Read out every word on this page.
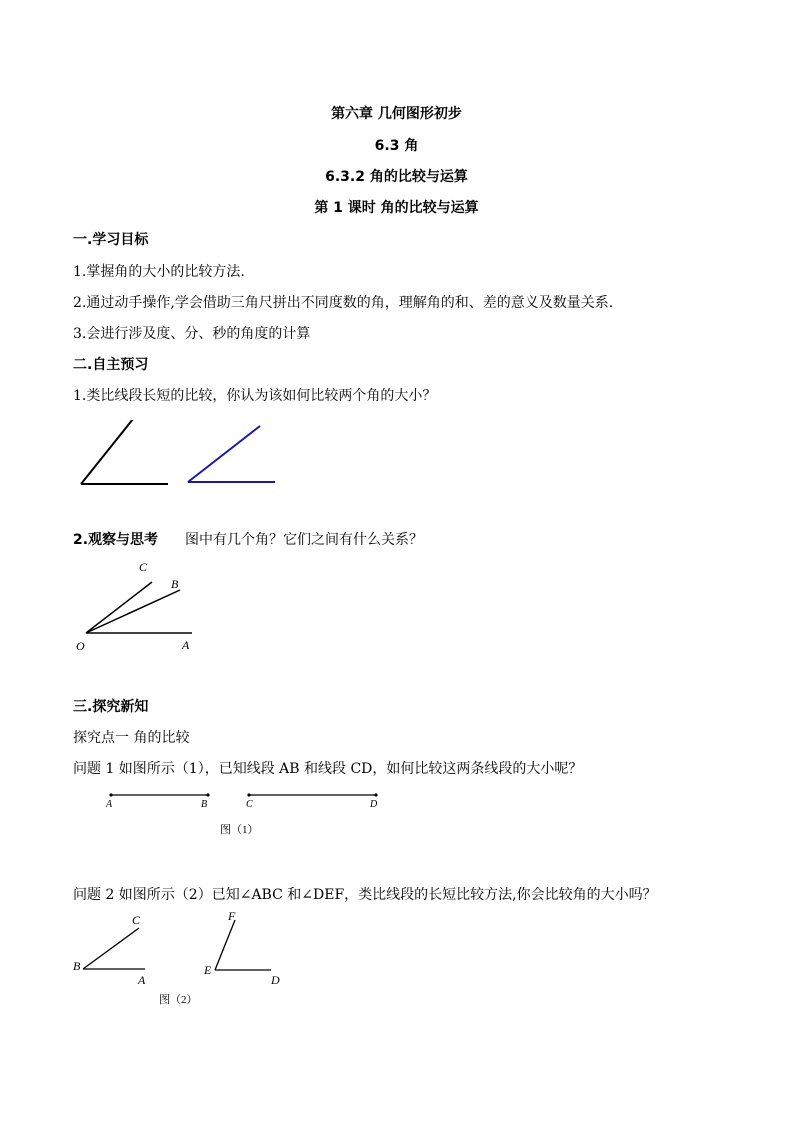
第六章 几何图形初步
6.3 角
6.3.2 角的比较与运算
第 1 课时 角的比较与运算
一.学习目标
1.掌握角的大小的比较方法.
2.通过动手操作,学会借助三角尺拼出不同度数的角，理解角的和、差的意义及数量关系.
3.会进行涉及度、分、秒的角度的计算
二.自主预习
1.类比线段长短的比较，你认为该如何比较两个角的大小？
2.观察与思考 图中有几个角？它们之间有什么关系？
C
B
O	A
三.探究新知
探究点一 角的比较
问题 1 如图所示（1），已知线段 AB 和线段 CD，如何比较这两条线段的大小呢？
A	B	C	D
图（1）
问题 2 如图所示（2）已知∠ABC 和∠DEF，类比线段的长短比较方法,你会比较角的大小吗？
C
B
A
F
E
D
图（2）
